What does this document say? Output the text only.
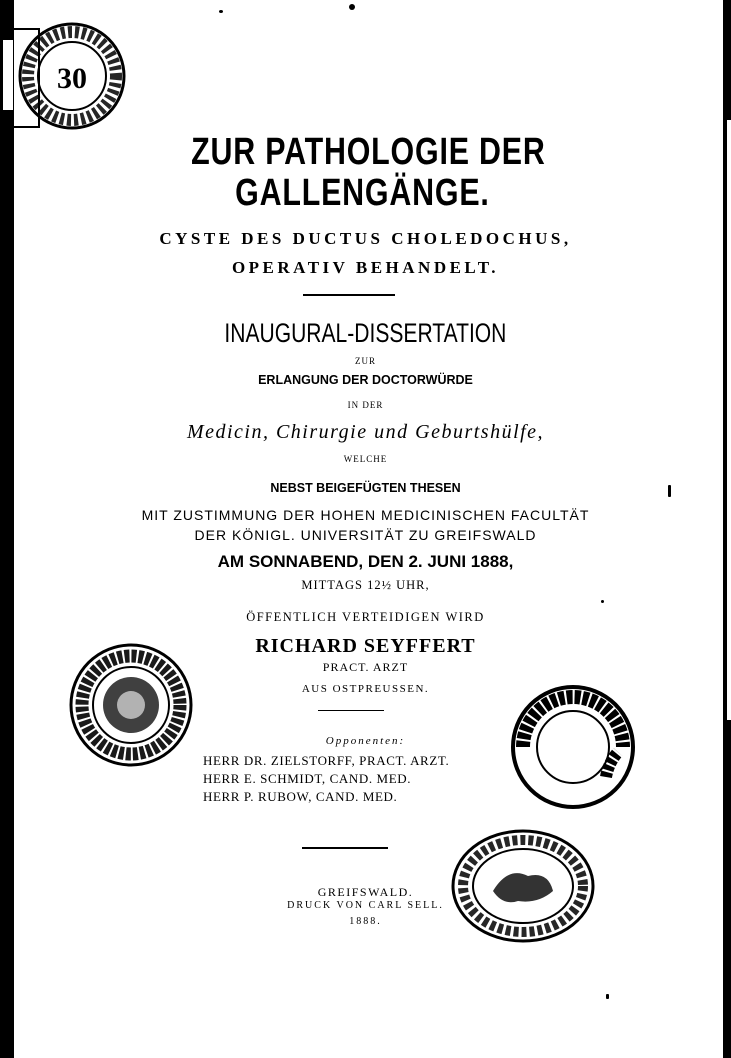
30
ZUR PATHOLOGIE DER
GALLENGÄNGE.
CYSTE DES DUCTUS CHOLEDOCHUS,
OPERATIV BEHANDELT.
INAUGURAL-DISSERTATION
ZUR
ERLANGUNG DER DOCTORWÜRDE
IN DER
Medicin, Chirurgie und Geburtshülfe,
WELCHE
NEBST BEIGEFÜGTEN THESEN
MIT ZUSTIMMUNG DER HOHEN MEDICINISCHEN FACULTÄT
DER KÖNIGL. UNIVERSITÄT ZU GREIFSWALD
AM SONNABEND, DEN 2. JUNI 1888,
MITTAGS 12½ UHR,
ÖFFENTLICH VERTEIDIGEN WIRD
RICHARD SEYFFERT
PRACT. ARZT
AUS OSTPREUSSEN.
Opponenten:
HERR DR. ZIELSTORFF, PRACT. ARZT.
HERR E. SCHMIDT, CAND. MED.
HERR P. RUBOW, CAND. MED.
GREIFSWALD.
DRUCK VON CARL SELL.
1888.
